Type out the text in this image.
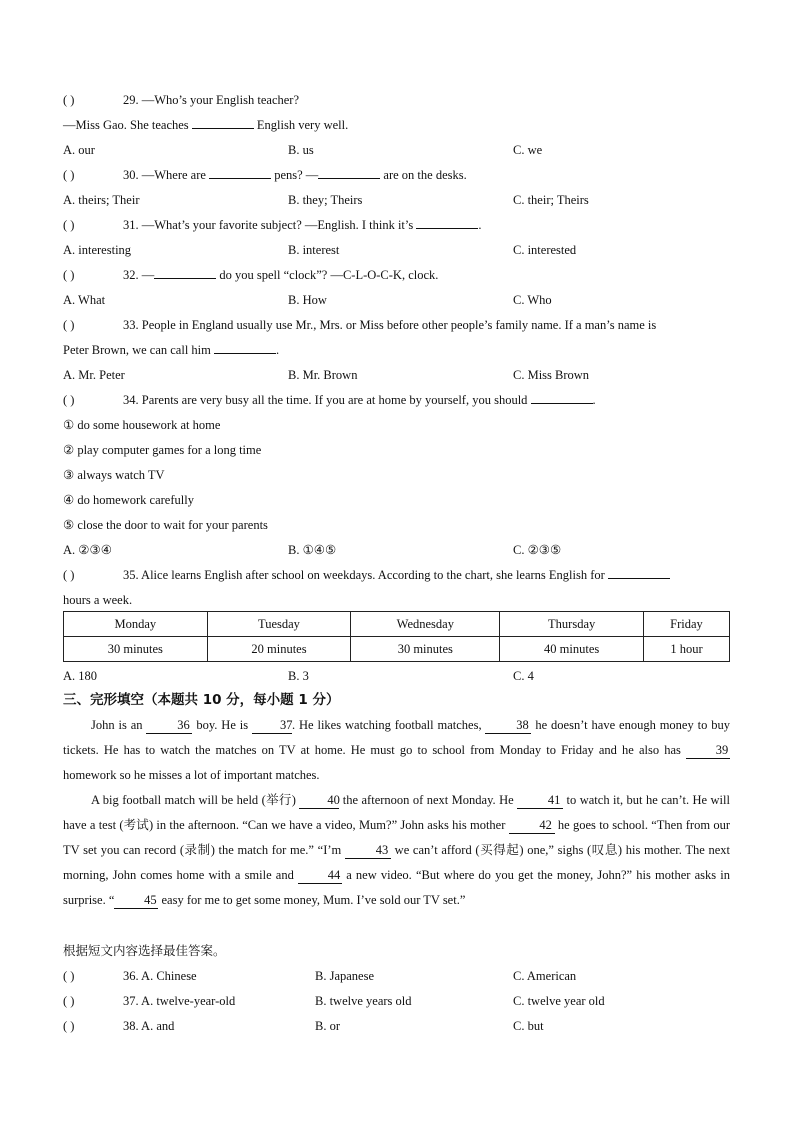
( )	29. —Who’s your English teacher?
—Miss Gao. She teaches	English very well.
A. our	B. us	C. we
( )	30. —Where are	pens? —	are on the desks.
A. theirs; Their	B. they; Theirs	C. their; Theirs
( )	31. —What’s your favorite subject? —English. I think it’s	.
A. interesting	B. interest	C. interested
( )	32. —	do you spell “clock”? —C-L-O-C-K, clock.
A. What	B. How	C. Who
( )	33. People in England usually use Mr., Mrs. or Miss before other people’s family name. If a man’s name is
Peter Brown, we can call him	.
A. Mr. Peter	B. Mr. Brown	C. Miss Brown
( )	34. Parents are very busy all the time. If you are at home by yourself, you should	.
① do some housework at home
② play computer games for a long time
③ always watch TV
④ do homework carefully
⑤ close the door to wait for your parents
A. ②③④	B. ①④⑤	C. ②③⑤
( )	35. Alice learns English after school on weekdays. According to the chart, she learns English for
hours a week.
Monday	Tuesday	Wednesday	Thursday	Friday
30 minutes	20 minutes	30 minutes	40 minutes	1 hour
A. 180	B. 3	C. 4
三、完形填空（本题共 10 分，每小题 1 分）
John is an 36 boy. He is 37. He likes watching football matches, 38 he doesn’t have enough money to buy tickets. He has to watch the matches on TV at home. He must go to school from Monday to Friday and he also has 39 homework so he misses a lot of important matches.
A big football match will be held (举行) 40 the afternoon of next Monday. He 41 to watch it, but he can’t. He will have a test (考试) in the afternoon. “Can we have a video, Mum?” John asks his mother 42 he goes to school. “Then from our TV set you can record (录制) the match for me.” “I’m 43 we can’t afford (买得起) one,” sighs (叹息) his mother. The next morning, John comes home with a smile and 44 a new video. “But where do you get the money, John?” his mother asks in surprise. “ 45 easy for me to get some money, Mum. I’ve sold our TV set.”
根据短文内容选择最佳答案。
( )	36. A. Chinese	B. Japanese	C. American
( )	37. A. twelve-year-old	B. twelve years old	C. twelve year old
( )	38. A. and	B. or	C. but
